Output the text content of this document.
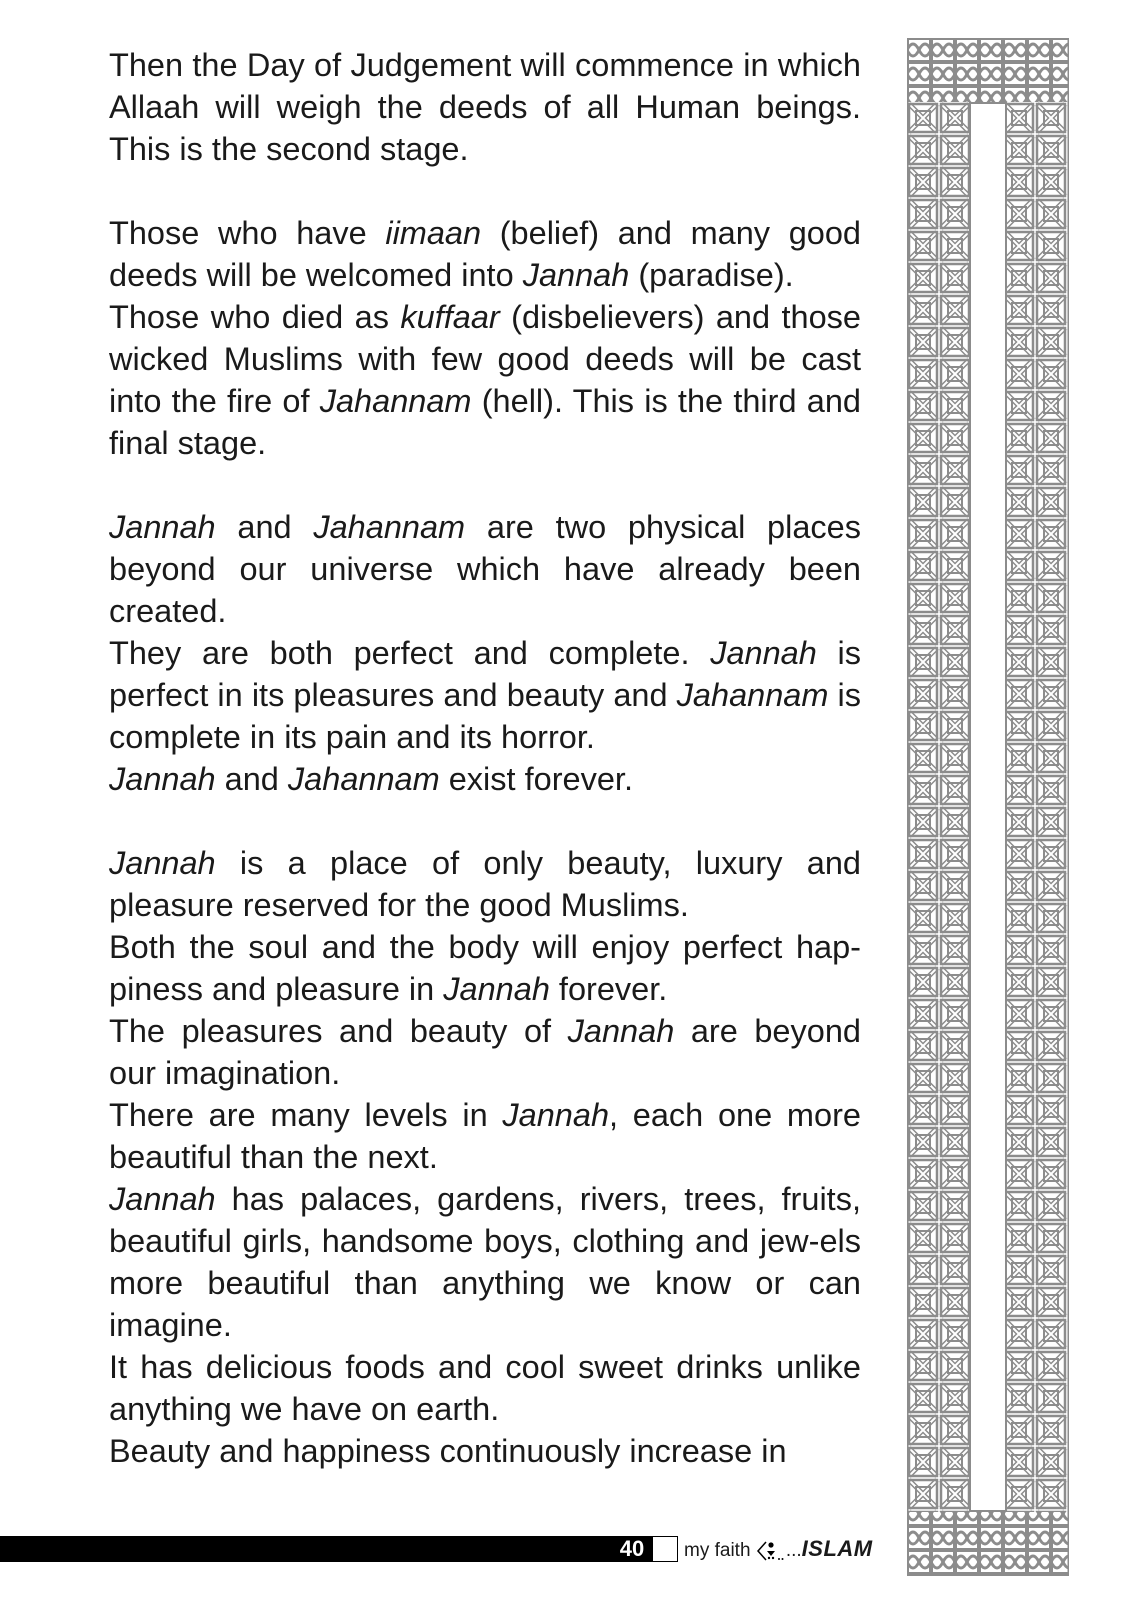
Then the Day of Judgement will commence in which Allaah will weigh the deeds of all Human beings. This is the second stage.

Those who have iimaan (belief) and many good deeds will be welcomed into Jannah (paradise).

Those who died as kuffaar (disbelievers) and those wicked Muslims with few good deeds will be cast into the fire of Jahannam (hell). This is the third and final stage.

Jannah and Jahannam are two physical places beyond our universe which have already been created.

They are both perfect and complete. Jannah is perfect in its pleasures and beauty and Jahannam is complete in its pain and its horror.

Jannah and Jahannam exist forever.

Jannah is a place of only beauty, luxury and pleasure reserved for the good Muslims.

Both the soul and the body will enjoy perfect hap-piness and pleasure in Jannah forever.

The pleasures and beauty of Jannah are beyond our imagination.

There are many levels in Jannah, each one more beautiful than the next.

Jannah has palaces, gardens, rivers, trees, fruits, beautiful girls, handsome boys, clothing and jew-els more beautiful than anything we know or can imagine.

It has delicious foods and cool sweet drinks unlike anything we have on earth.

Beauty and happiness continuously increase in

40	my faith ...ISLAM
